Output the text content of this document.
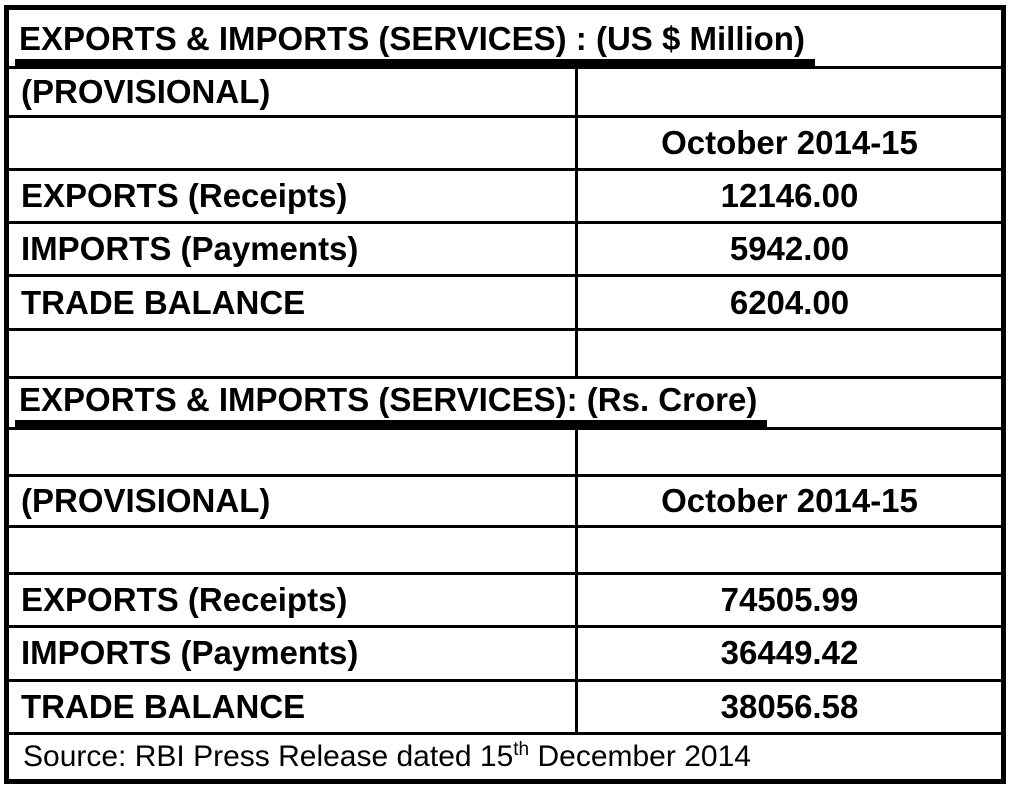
EXPORTS & IMPORTS (SERVICES) : (US $ Million)	
(PROVISIONAL)	
	October 2014-15
EXPORTS (Receipts)	12146.00
IMPORTS (Payments)	5942.00
TRADE BALANCE	6204.00

EXPORTS & IMPORTS (SERVICES): (Rs. Crore)	

(PROVISIONAL)	October 2014-15

EXPORTS (Receipts)	74505.99
IMPORTS (Payments)	36449.42
TRADE BALANCE	38056.58
Source: RBI Press Release dated 15th December 2014	
